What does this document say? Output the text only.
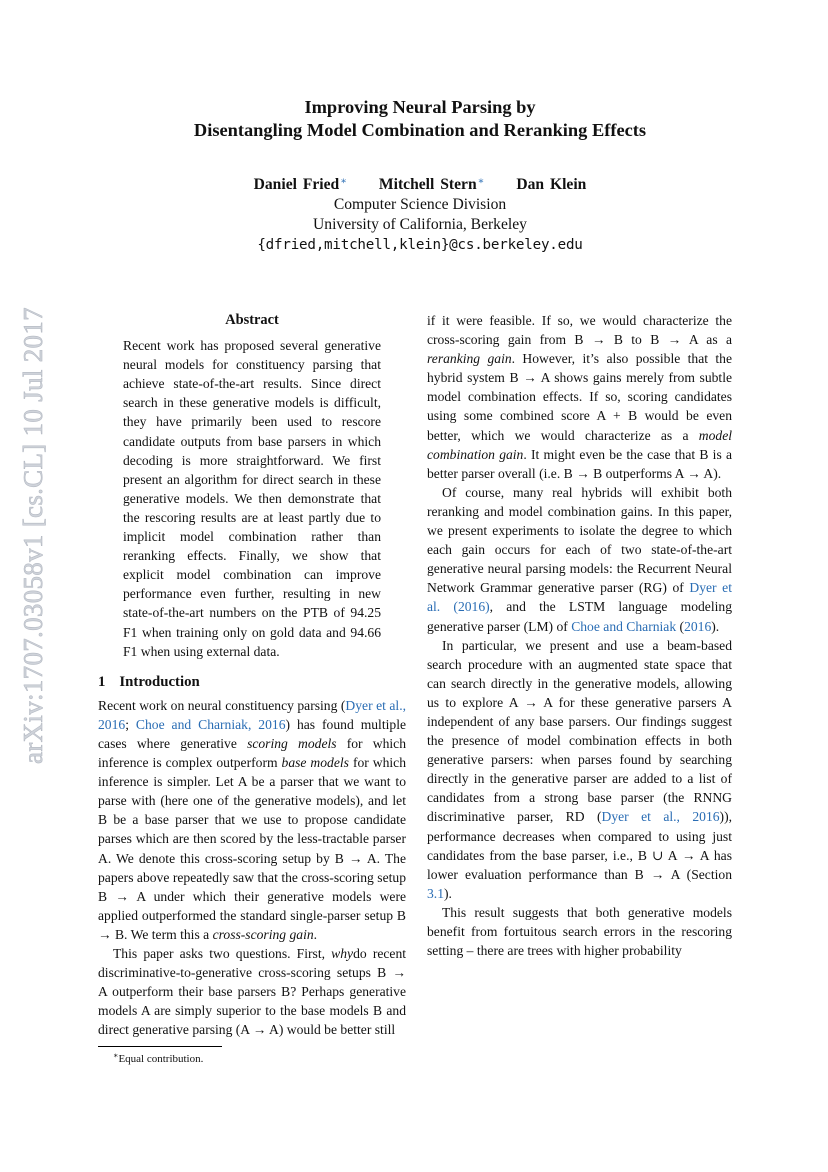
arXiv:1707.03058v1 [cs.CL] 10 Jul 2017
Improving Neural Parsing by
Disentangling Model Combination and Reranking Effects
Daniel Fried∗ Mitchell Stern∗ Dan Klein
Computer Science Division
University of California, Berkeley
{dfried,mitchell,klein}@cs.berkeley.edu
Abstract

Recent work has proposed several generative neural models for constituency parsing that achieve state-of-the-art results. Since direct search in these generative models is difficult, they have primarily been used to rescore candidate outputs from base parsers in which decoding is more straightforward. We first present an algorithm for direct search in these generative models. We then demonstrate that the rescoring results are at least partly due to implicit model combination rather than reranking effects. Finally, we show that explicit model combination can improve performance even further, resulting in new state-of-the-art numbers on the PTB of 94.25 F1 when training only on gold data and 94.66 F1 when using external data.

1 Introduction

Recent work on neural constituency parsing (Dyer et al., 2016; Choe and Charniak, 2016) has found multiple cases where generative scoring models for which inference is complex outperform base models for which inference is simpler. Let A be a parser that we want to parse with (here one of the generative models), and let B be a base parser that we use to propose candidate parses which are then scored by the less-tractable parser A. We denote this cross-scoring setup by B → A. The papers above repeatedly saw that the cross-scoring setup B → A under which their generative models were applied outperformed the standard single-parser setup B → B. We term this a cross-scoring gain.

This paper asks two questions. First, whydo recent discriminative-to-generative cross-scoring setups B → A outperform their base parsers B? Perhaps generative models A are simply superior to the base models B and direct generative parsing (A → A) would be better still

∗Equal contribution.

if it were feasible. If so, we would characterize the cross-scoring gain from B → B to B → A as a reranking gain. However, it’s also possible that the hybrid system B → A shows gains merely from subtle model combination effects. If so, scoring candidates using some combined score A + B would be even better, which we would characterize as a model combination gain. It might even be the case that B is a better parser overall (i.e. B → B outperforms A → A).

Of course, many real hybrids will exhibit both reranking and model combination gains. In this paper, we present experiments to isolate the degree to which each gain occurs for each of two state-of-the-art generative neural parsing models: the Recurrent Neural Network Grammar generative parser (RG) of Dyer et al. (2016), and the LSTM language modeling generative parser (LM) of Choe and Charniak (2016).

In particular, we present and use a beam-based search procedure with an augmented state space that can search directly in the generative models, allowing us to explore A → A for these generative parsers A independent of any base parsers. Our findings suggest the presence of model combination effects in both generative parsers: when parses found by searching directly in the generative parser are added to a list of candidates from a strong base parser (the RNNG discriminative parser, RD (Dyer et al., 2016)), performance decreases when compared to using just candidates from the base parser, i.e., B ∪ A → A has lower evaluation performance than B → A (Section 3.1).

This result suggests that both generative models benefit from fortuitous search errors in the rescoring setting – there are trees with higher probability
